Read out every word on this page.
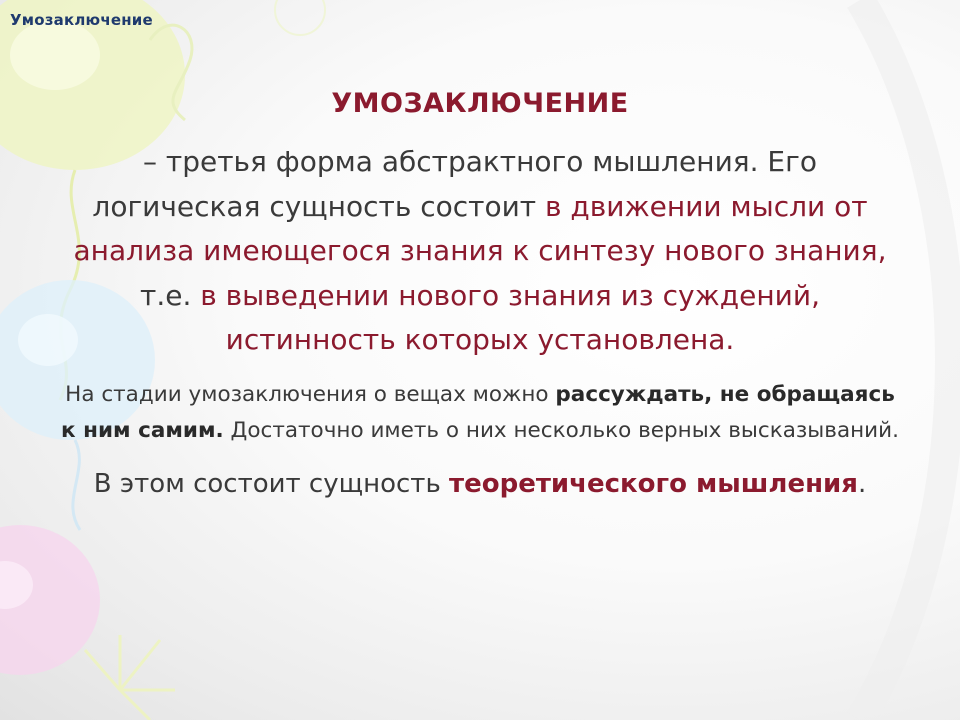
Умозаключение
УМОЗАКЛЮЧЕНИЕ

– третья форма абстрактного мышления. Его логическая сущность состоит в движении мысли от анализа имеющегося знания к синтезу нового знания, т.е. в выведении нового знания из суждений, истинность которых установлена.

На стадии умозаключения о вещах можно рассуждать, не обращаясь к ним самим. Достаточно иметь о них несколько верных высказываний.

В этом состоит сущность теоретического мышления.
